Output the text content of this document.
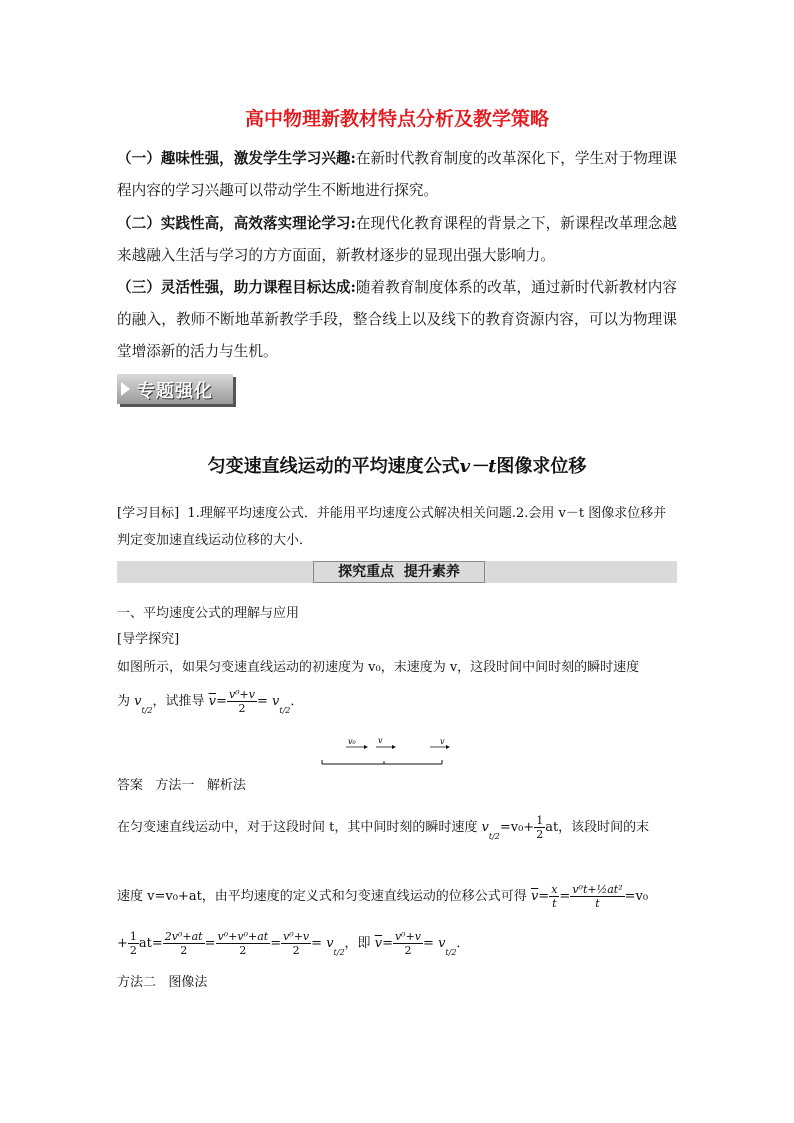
高中物理新教材特点分析及教学策略
（一）趣味性强，激发学生学习兴趣:在新时代教育制度的改革深化下，学生对于物理课程内容的学习兴趣可以带动学生不断地进行探究。
（二）实践性高，高效落实理论学习:在现代化教育课程的背景之下，新课程改革理念越来越融入生活与学习的方方面面，新教材逐步的显现出强大影响力。
（三）灵活性强，助力课程目标达成:随着教育制度体系的改革，通过新时代新教材内容的融入，教师不断地革新教学手段，整合线上以及线下的教育资源内容，可以为物理课堂增添新的活力与生机。
专题强化
匀变速直线运动的平均速度公式v－t图像求位移
[学习目标] 1.理解平均速度公式．并能用平均速度公式解决相关问题.2.会用 v－t 图像求位移并判定变加速直线运动位移的大小．
探究重点 提升素养
一、平均速度公式的理解与应用
[导学探究]
如图所示，如果匀变速直线运动的初速度为 v₀，末速度为 v，这段时间中间时刻的瞬时速度
为 $v_{t/2}$，试推导 $\overline{v}= \frac{\text{v⁰+v}}{2} = v_{t/2}$．
v₀	v	v
答案 方法一 解析法
在匀变速直线运动中，对于这段时间 t，其中间时刻的瞬时速度 $v_{t/2}=v_0+ \frac{1}{2}$ at，该段时间的末
速度 v=v₀+at，由平均速度的定义式和匀变速直线运动的位移公式可得 $\overline{v}= \frac{x}{t} = \frac{\text{v⁰t+½at²}}{t} =v_0$
+ $\frac{1}{2} at= \frac{\text{2v⁰+at}}{2} = \frac{\text{v⁰+v⁰+at}}{2} = \frac{\text{v⁰+v}}{2} = v_{t/2}$，即 $\overline{v}= \frac{\text{v⁰+v}}{2} = v_{t/2}$．
方法二 图像法
